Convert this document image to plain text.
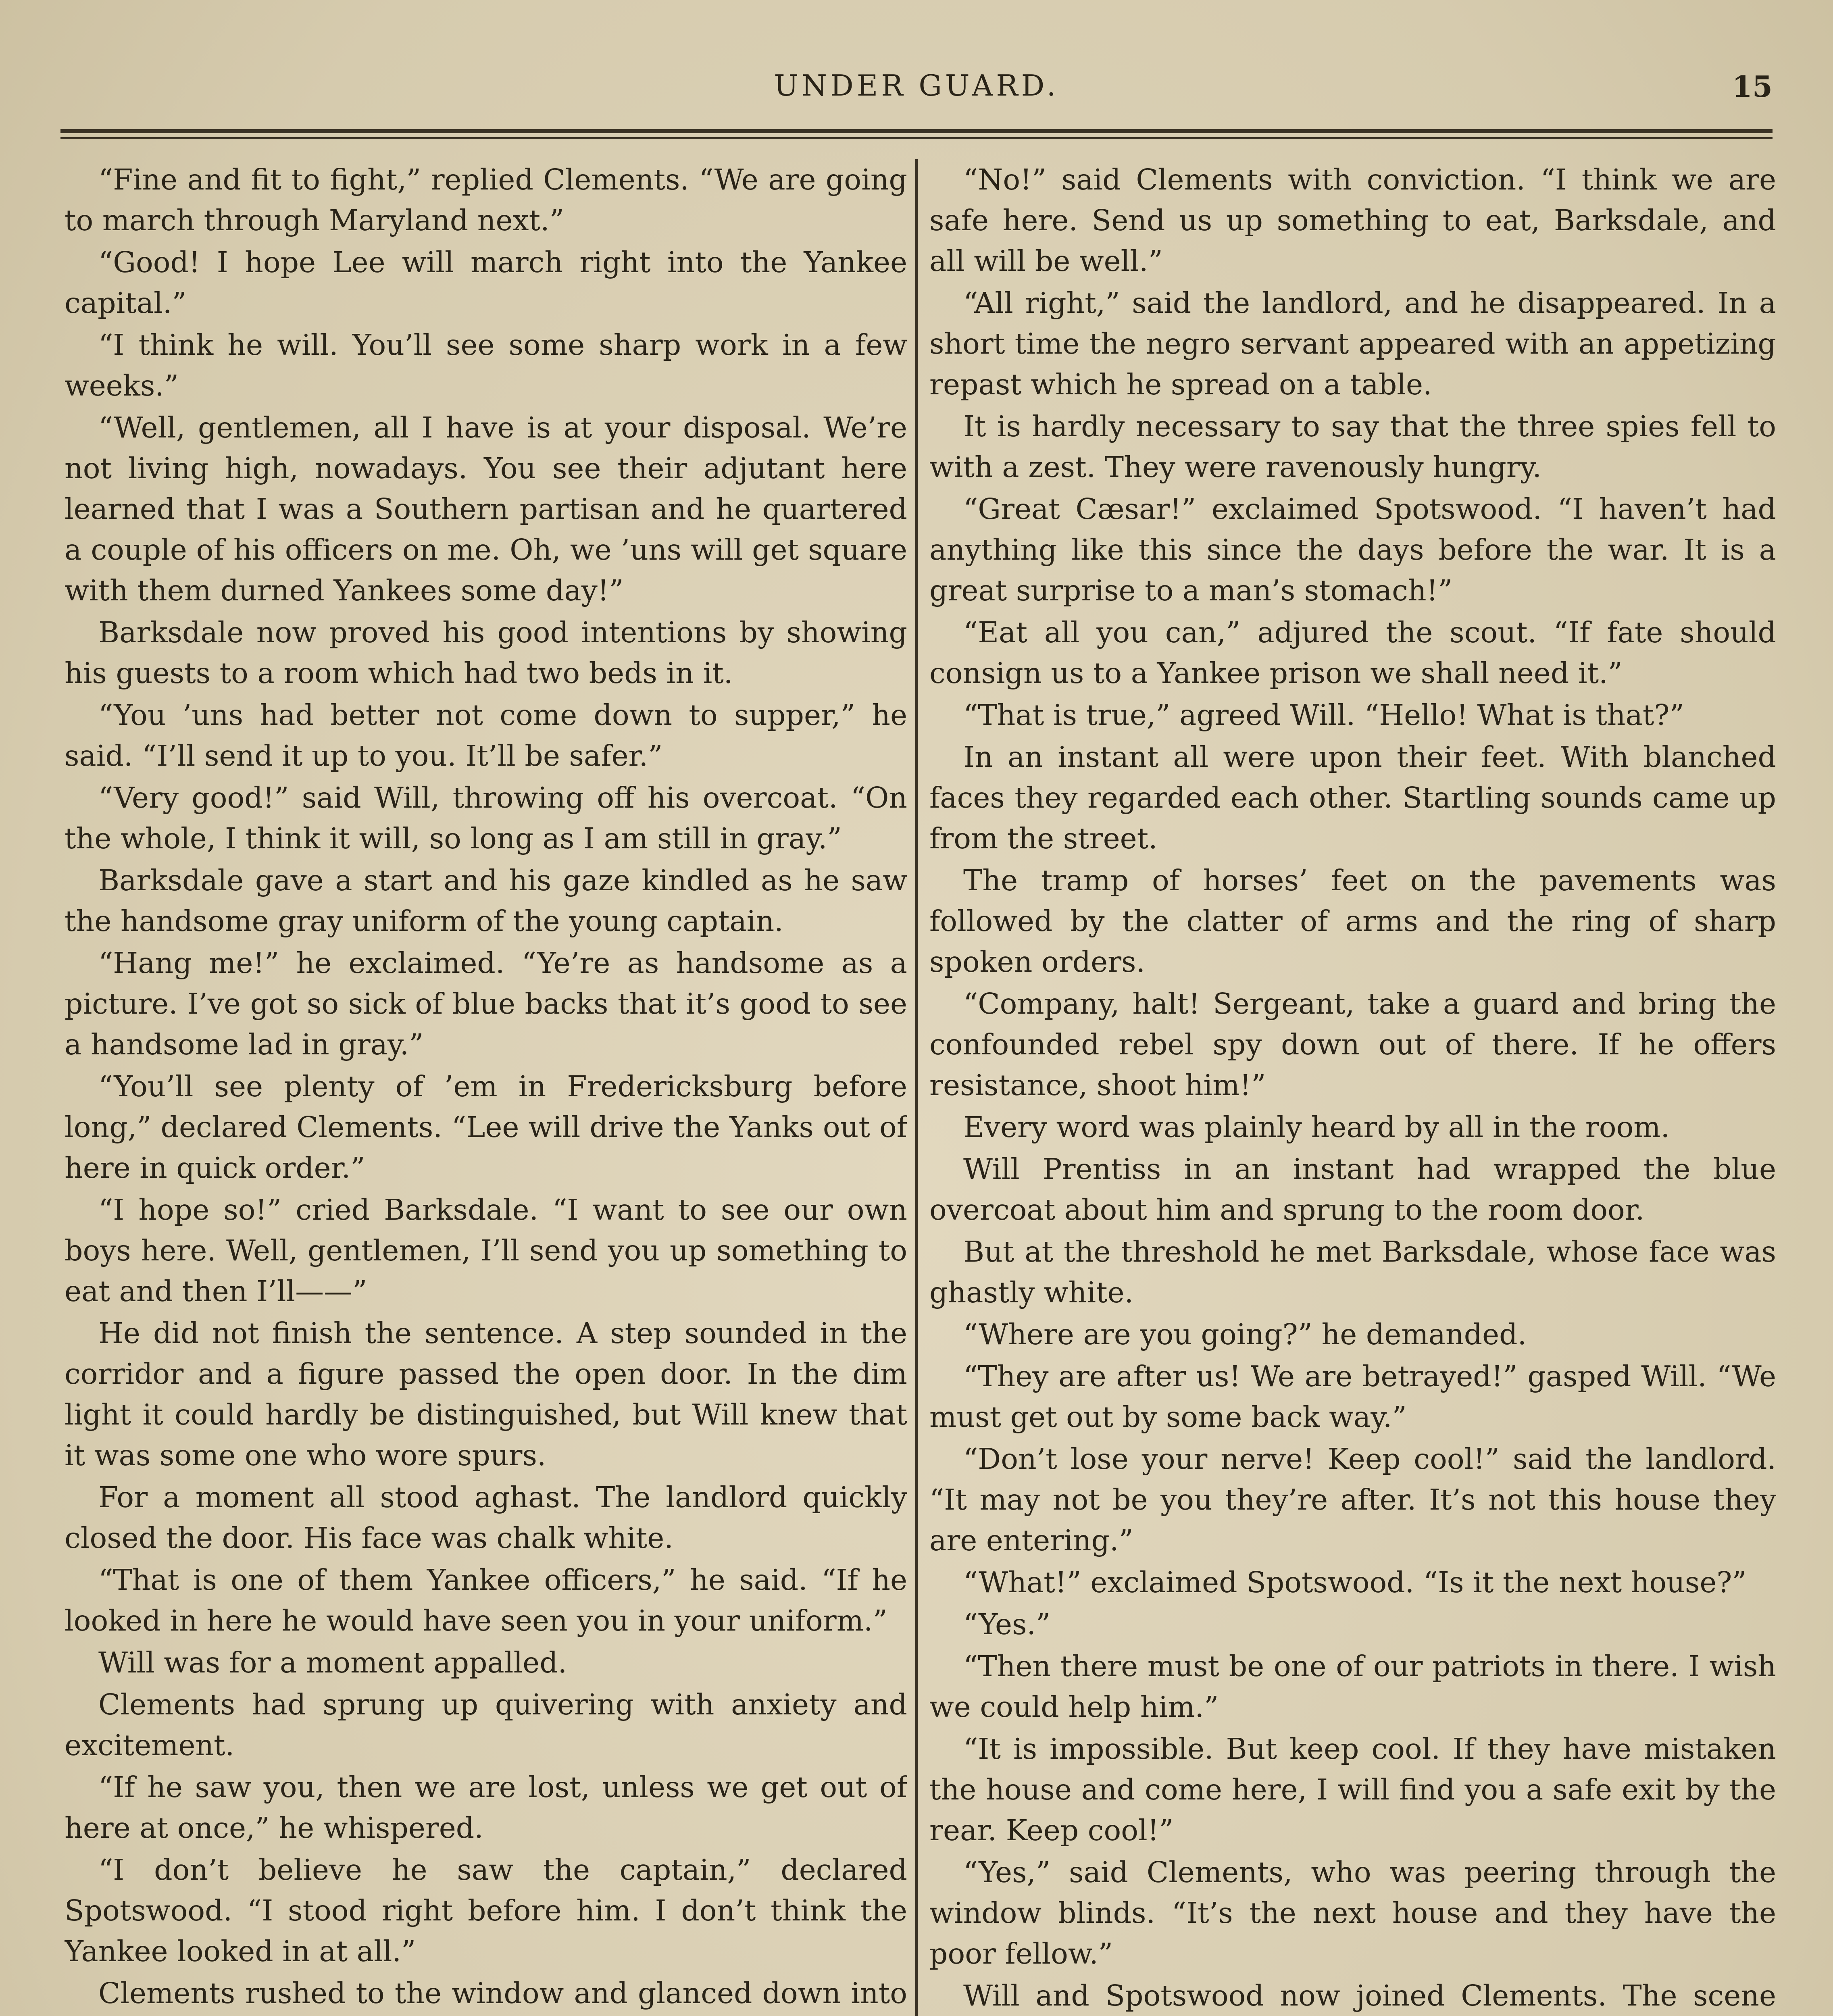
UNDER GUARD.	15

“Fine and fit to fight,” replied Clements. “We are going to march through Maryland next.”

“Good! I hope Lee will march right into the Yankee capital.”

“I think he will. You’ll see some sharp work in a few weeks.”

“Well, gentlemen, all I have is at your disposal. We’re not living high, nowadays. You see their adjutant here learned that I was a Southern partisan and he quartered a couple of his officers on me. Oh, we ’uns will get square with them durned Yankees some day!”

Barksdale now proved his good intentions by showing his guests to a room which had two beds in it.

“You ’uns had better not come down to supper,” he said. “I’ll send it up to you. It’ll be safer.”

“Very good!” said Will, throwing off his overcoat. “On the whole, I think it will, so long as I am still in gray.”

Barksdale gave a start and his gaze kindled as he saw the handsome gray uniform of the young captain.

“Hang me!” he exclaimed. “Ye’re as handsome as a picture. I’ve got so sick of blue backs that it’s good to see a handsome lad in gray.”

“You’ll see plenty of ’em in Fredericksburg before long,” declared Clements. “Lee will drive the Yanks out of here in quick order.”

“I hope so!” cried Barksdale. “I want to see our own boys here. Well, gentlemen, I’ll send you up something to eat and then I’ll——”

He did not finish the sentence. A step sounded in the corridor and a figure passed the open door. In the dim light it could hardly be distinguished, but Will knew that it was some one who wore spurs.

For a moment all stood aghast. The landlord quickly closed the door. His face was chalk white.

“That is one of them Yankee officers,” he said. “If he looked in here he would have seen you in your uniform.”

Will was for a moment appalled.

Clements had sprung up quivering with anxiety and excitement.

“If he saw you, then we are lost, unless we get out of here at once,” he whispered.

“I don’t believe he saw the captain,” declared Spotswood. “I stood right before him. I don’t think the Yankee looked in at all.”

Clements rushed to the window and glanced down into

“No!” said Clements with conviction. “I think we are safe here. Send us up something to eat, Barksdale, and all will be well.”

“All right,” said the landlord, and he disappeared. In a short time the negro servant appeared with an appetizing repast which he spread on a table.

It is hardly necessary to say that the three spies fell to with a zest. They were ravenously hungry.

“Great Cæsar!” exclaimed Spotswood. “I haven’t had anything like this since the days before the war. It is a great surprise to a man’s stomach!”

“Eat all you can,” adjured the scout. “If fate should consign us to a Yankee prison we shall need it.”

“That is true,” agreed Will. “Hello! What is that?”

In an instant all were upon their feet. With blanched faces they regarded each other. Startling sounds came up from the street.

The tramp of horses’ feet on the pavements was followed by the clatter of arms and the ring of sharp spoken orders.

“Company, halt! Sergeant, take a guard and bring the confounded rebel spy down out of there. If he offers resistance, shoot him!”

Every word was plainly heard by all in the room.

Will Prentiss in an instant had wrapped the blue overcoat about him and sprung to the room door.

But at the threshold he met Barksdale, whose face was ghastly white.

“Where are you going?” he demanded.

“They are after us! We are betrayed!” gasped Will. “We must get out by some back way.”

“Don’t lose your nerve! Keep cool!” said the landlord. “It may not be you they’re after. It’s not this house they are entering.”

“What!” exclaimed Spotswood. “Is it the next house?”

“Yes.”

“Then there must be one of our patriots in there. I wish we could help him.”

“It is impossible. But keep cool. If they have mistaken the house and come here, I will find you a safe exit by the rear. Keep cool!”

“Yes,” said Clements, who was peering through the window blinds. “It’s the next house and they have the poor fellow.”

Will and Spotswood now joined Clements. The scene
